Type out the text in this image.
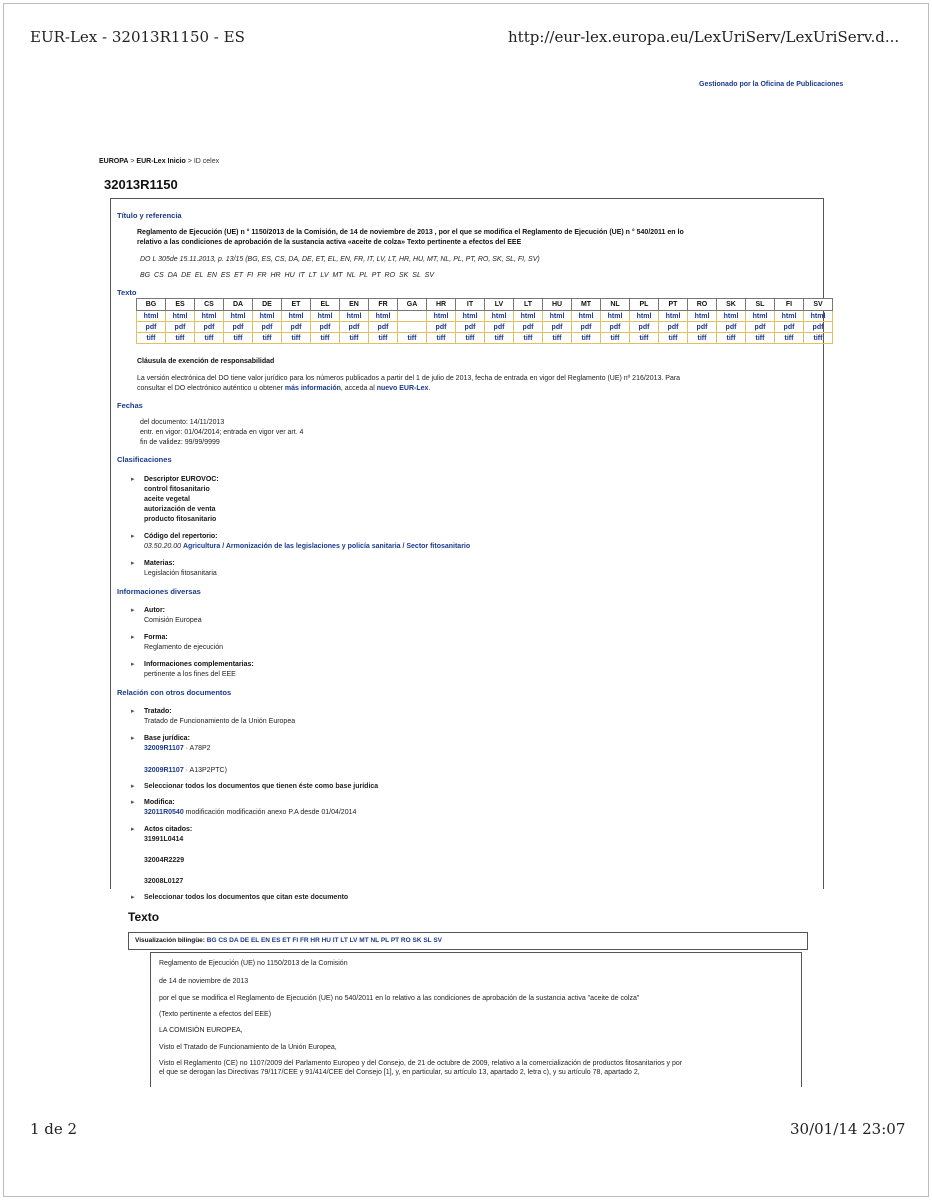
EUR-Lex - 32013R1150 - ES	http://eur-lex.europa.eu/LexUriServ/LexUriServ.d...
Gestionado por la Oficina de Publicaciones
EUROPA > EUR-Lex Inicio > ID celex
32013R1150
Título y referencia
Reglamento de Ejecución (UE) n ° 1150/2013 de la Comisión, de 14 de noviembre de 2013 , por el que se modifica el Reglamento de Ejecución (UE) n ° 540/2011 en lo
relativo a las condiciones de aprobación de la sustancia activa «aceite de colza» Texto pertinente a efectos del EEE
DO L 305de 15.11.2013, p. 13/15 (BG, ES, CS, DA, DE, ET, EL, EN, FR, IT, LV, LT, HR, HU, MT, NL, PL, PT, RO, SK, SL, FI, SV)
BG CS DA DE EL EN ES ET FI FR HR HU IT LT LV MT NL PL PT RO SK SL SV
Texto
BG	ES	CS	DA	DE	ET	EL	EN	FR	GA	HR	IT	LV	LT	HU	MT	NL	PL	PT	RO	SK	SL	FI	SV
html	html	html	html	html	html	html	html	html		html	html	html	html	html	html	html	html	html	html	html	html	html	html
pdf	pdf	pdf	pdf	pdf	pdf	pdf	pdf	pdf		pdf	pdf	pdf	pdf	pdf	pdf	pdf	pdf	pdf	pdf	pdf	pdf	pdf	pdf
tiff	tiff	tiff	tiff	tiff	tiff	tiff	tiff	tiff	tiff	tiff	tiff	tiff	tiff	tiff	tiff	tiff	tiff	tiff	tiff	tiff	tiff	tiff	tiff
Cláusula de exención de responsabilidad
La versión electrónica del DO tiene valor jurídico para los números publicados a partir del 1 de julio de 2013, fecha de entrada en vigor del Reglamento (UE) nº 216/2013. Para
consultar el DO electrónico auténtico u obtener más información, acceda al nuevo EUR-Lex.
Fechas
del documento: 14/11/2013
entr. en vigor: 01/04/2014; entrada en vigor ver art. 4
fin de validez: 99/99/9999
Clasificaciones
▸ Descriptor EUROVOC:
control fitosanitario
aceite vegetal
autorización de venta
producto fitosanitario
▸ Código del repertorio:
03.50.20.00 Agricultura / Armonización de las legislaciones y policía sanitaria / Sector fitosanitario
▸ Materias:
Legislación fitosanitaria
Informaciones diversas
▸ Autor:
Comisión Europea
▸ Forma:
Reglamento de ejecución
▸ Informaciones complementarias:
pertinente a los fines del EEE
Relación con otros documentos
▸ Tratado:
Tratado de Funcionamiento de la Unión Europea
▸ Base jurídica:
32009R1107 · A78P2
32009R1107 · A13P2PTC)
▸ Seleccionar todos los documentos que tienen éste como base jurídica
▸ Modifica:
32011R0540 modificación modificación anexo P.A desde 01/04/2014
▸ Actos citados:
31991L0414
32004R2229
32008L0127
▸ Seleccionar todos los documentos que citan este documento
Texto
Visualización bilingüe: BG CS DA DE EL EN ES ET FI FR HR HU IT LT LV MT NL PL PT RO SK SL SV
Reglamento de Ejecución (UE) no 1150/2013 de la Comisión
de 14 de noviembre de 2013
por el que se modifica el Reglamento de Ejecución (UE) no 540/2011 en lo relativo a las condiciones de aprobación de la sustancia activa "aceite de colza"
(Texto pertinente a efectos del EEE)
LA COMISIÓN EUROPEA,
Visto el Tratado de Funcionamiento de la Unión Europea,
Visto el Reglamento (CE) no 1107/2009 del Parlamento Europeo y del Consejo, de 21 de octubre de 2009, relativo a la comercialización de productos fitosanitarios y por
el que se derogan las Directivas 79/117/CEE y 91/414/CEE del Consejo [1], y, en particular, su artículo 13, apartado 2, letra c), y su artículo 78, apartado 2,
1 de 2	30/01/14 23:07
